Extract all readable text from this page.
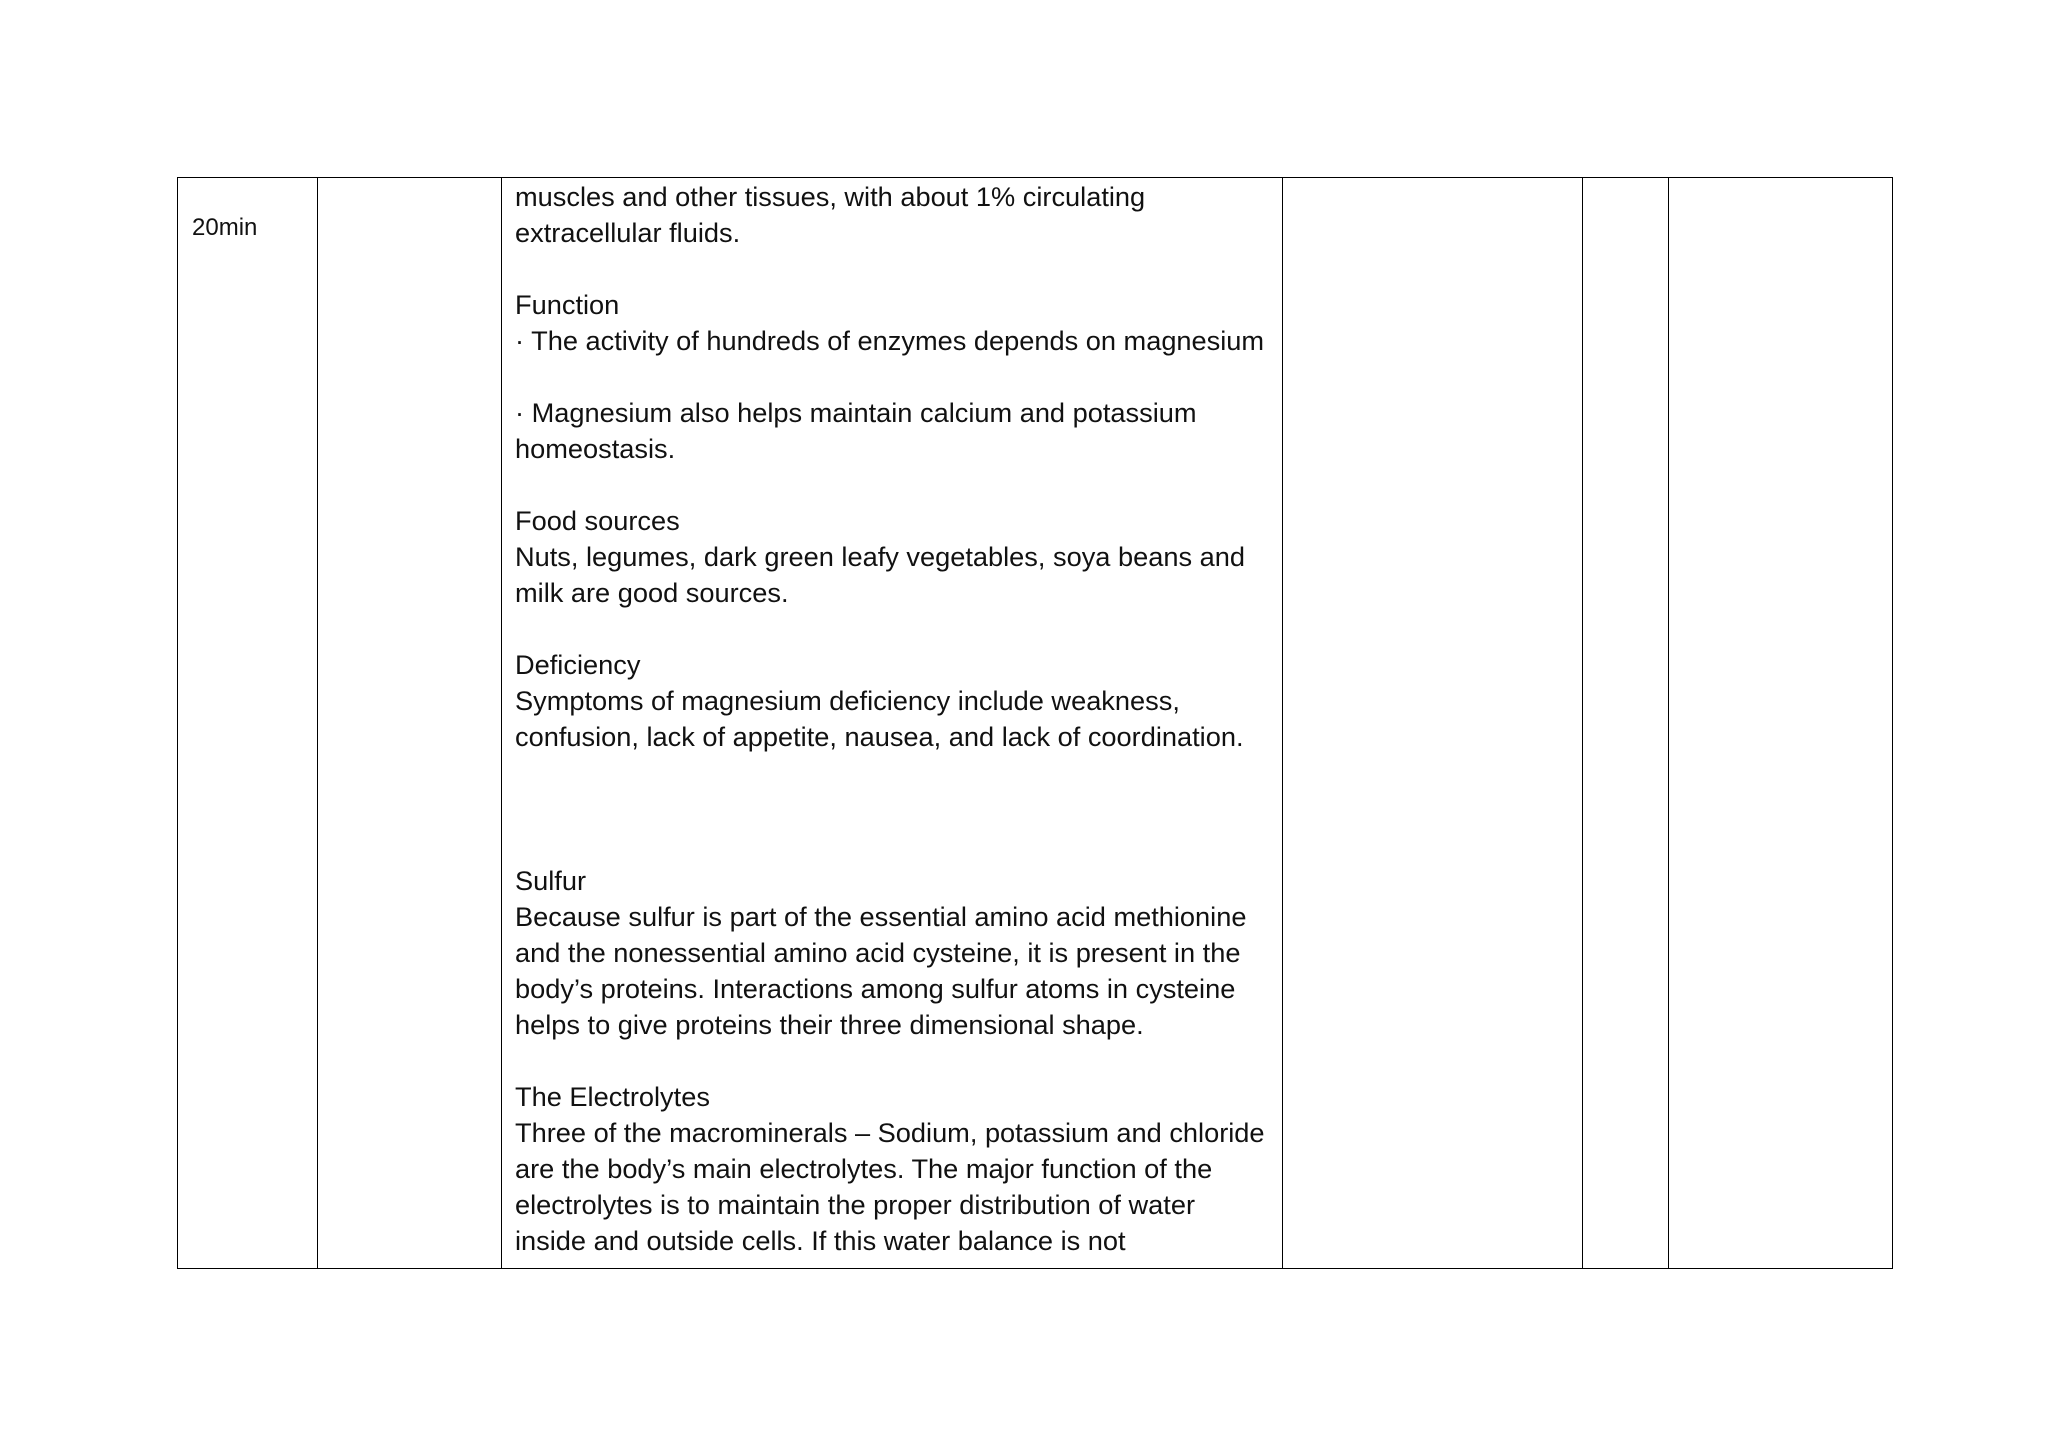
20min		

muscles and other tissues, with about 1% circulating
extracellular fluids.

Function

· The activity of hundreds of enzymes depends on magnesium

· Magnesium also helps maintain calcium and potassium
homeostasis.

Food sources

Nuts, legumes, dark green leafy vegetables, soya beans and
milk are good sources.

Deficiency

Symptoms of magnesium deficiency include weakness,
confusion, lack of appetite, nausea, and lack of coordination.

Sulfur

Because sulfur is part of the essential amino acid methionine
and the nonessential amino acid cysteine, it is present in the
body’s proteins. Interactions among sulfur atoms in cysteine
helps to give proteins their three dimensional shape.

The Electrolytes

Three of the macrominerals – Sodium, potassium and chloride
are the body’s main electrolytes. The major function of the
electrolytes is to maintain the proper distribution of water
inside and outside cells. If this water balance is not
